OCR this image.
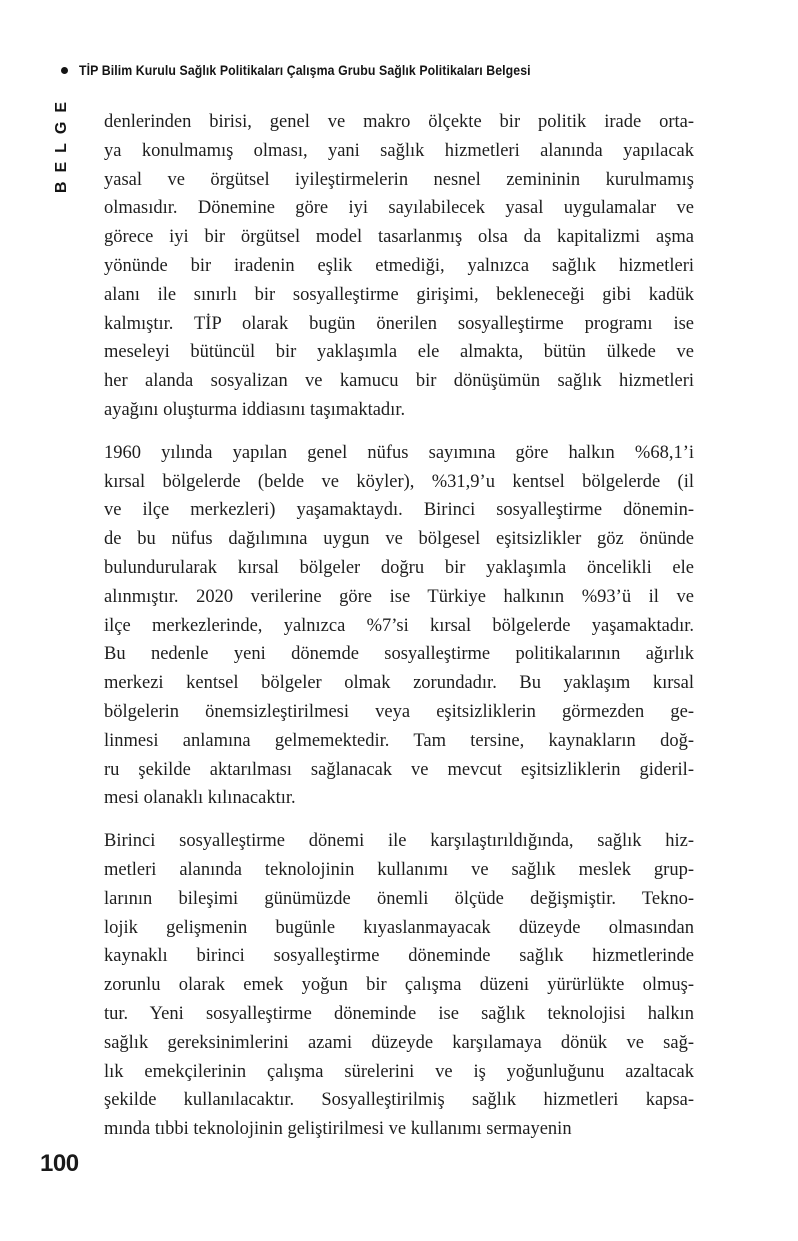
TİP Bilim Kurulu Sağlık Politikaları Çalışma Grubu Sağlık Politikaları Belgesi
BELGE denlerinden birisi, genel ve makro ölçekte bir politik irade orta-
ya konulmamış olması, yani sağlık hizmetleri alanında yapılacak
yasal ve örgütsel iyileştirmelerin nesnel zemininin kurulmamış
olmasıdır. Dönemine göre iyi sayılabilecek yasal uygulamalar ve
görece iyi bir örgütsel model tasarlanmış olsa da kapitalizmi aşma
yönünde bir iradenin eşlik etmediği, yalnızca sağlık hizmetleri
alanı ile sınırlı bir sosyalleştirme girişimi, bekleneceği gibi kadük
kalmıştır. TİP olarak bugün önerilen sosyalleştirme programı ise
meseleyi bütüncül bir yaklaşımla ele almakta, bütün ülkede ve
her alanda sosyalizan ve kamucu bir dönüşümün sağlık hizmetleri
ayağını oluşturma iddiasını taşımaktadır.
1960 yılında yapılan genel nüfus sayımına göre halkın %68,1’i
kırsal bölgelerde (belde ve köyler), %31,9’u kentsel bölgelerde (il
ve ilçe merkezleri) yaşamaktaydı. Birinci sosyalleştirme dönemin-
de bu nüfus dağılımına uygun ve bölgesel eşitsizlikler göz önünde
bulundurularak kırsal bölgeler doğru bir yaklaşımla öncelikli ele
alınmıştır. 2020 verilerine göre ise Türkiye halkının %93’ü il ve
ilçe merkezlerinde, yalnızca %7’si kırsal bölgelerde yaşamaktadır.
Bu nedenle yeni dönemde sosyalleştirme politikalarının ağırlık
merkezi kentsel bölgeler olmak zorundadır. Bu yaklaşım kırsal
bölgelerin önemsizleştirilmesi veya eşitsizliklerin görmezden ge-
linmesi anlamına gelmemektedir. Tam tersine, kaynakların doğ-
ru şekilde aktarılması sağlanacak ve mevcut eşitsizliklerin gideril-
mesi olanaklı kılınacaktır.
Birinci sosyalleştirme dönemi ile karşılaştırıldığında, sağlık hiz-
metleri alanında teknolojinin kullanımı ve sağlık meslek grup-
larının bileşimi günümüzde önemli ölçüde değişmiştir. Tekno-
lojik gelişmenin bugünle kıyaslanmayacak düzeyde olmasından
kaynaklı birinci sosyalleştirme döneminde sağlık hizmetlerinde
zorunlu olarak emek yoğun bir çalışma düzeni yürürlükte olmuş-
tur. Yeni sosyalleştirme döneminde ise sağlık teknolojisi halkın
sağlık gereksinimlerini azami düzeyde karşılamaya dönük ve sağ-
lık emekçilerinin çalışma sürelerini ve iş yoğunluğunu azaltacak
şekilde kullanılacaktır. Sosyalleştirilmiş sağlık hizmetleri kapsa-
mında tıbbi teknolojinin geliştirilmesi ve kullanımı sermayenin
100
